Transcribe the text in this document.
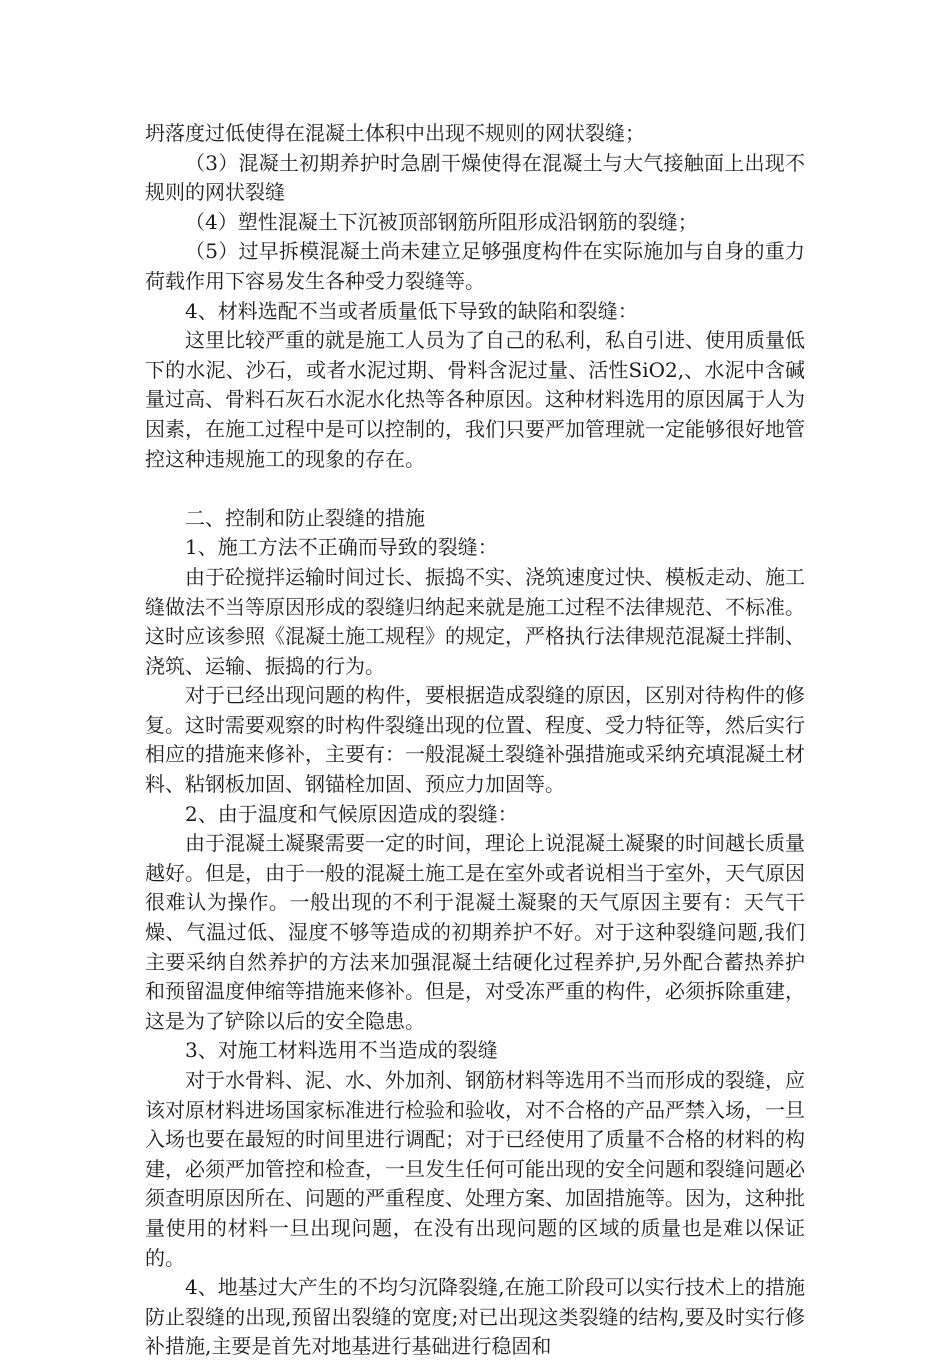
坍落度过低使得在混凝土体积中出现不规则的网状裂缝；

（3）混凝土初期养护时急剧干燥使得在混凝土与大气接触面上出现不规则的网状裂缝

（4）塑性混凝土下沉被顶部钢筋所阻形成沿钢筋的裂缝；

（5）过早拆模混凝土尚未建立足够强度构件在实际施加与自身的重力荷载作用下容易发生各种受力裂缝等。

4、材料选配不当或者质量低下导致的缺陷和裂缝：

这里比较严重的就是施工人员为了自己的私利，私自引进、使用质量低下的水泥、沙石，或者水泥过期、骨料含泥过量、活性SiO2,、水泥中含碱量过高、骨料石灰石水泥水化热等各种原因。这种材料选用的原因属于人为因素，在施工过程中是可以控制的，我们只要严加管理就一定能够很好地管控这种违规施工的现象的存在。

二、控制和防止裂缝的措施

1、施工方法不正确而导致的裂缝：

由于砼搅拌运输时间过长、振捣不实、浇筑速度过快、模板走动、施工缝做法不当等原因形成的裂缝归纳起来就是施工过程不法律规范、不标准。这时应该参照《混凝土施工规程》的规定，严格执行法律规范混凝土拌制、浇筑、运输、振捣的行为。

对于已经出现问题的构件，要根据造成裂缝的原因，区别对待构件的修复。这时需要观察的时构件裂缝出现的位置、程度、受力特征等，然后实行相应的措施来修补，主要有：一般混凝土裂缝补强措施或采纳充填混凝土材料、粘钢板加固、钢锚栓加固、预应力加固等。

2、由于温度和气候原因造成的裂缝：

由于混凝土凝聚需要一定的时间，理论上说混凝土凝聚的时间越长质量越好。但是，由于一般的混凝土施工是在室外或者说相当于室外，天气原因很难认为操作。一般出现的不利于混凝土凝聚的天气原因主要有：天气干燥、气温过低、湿度不够等造成的初期养护不好。对于这种裂缝问题,我们主要采纳自然养护的方法来加强混凝土结硬化过程养护,另外配合蓄热养护和预留温度伸缩等措施来修补。但是，对受冻严重的构件，必须拆除重建，这是为了铲除以后的安全隐患。

3、对施工材料选用不当造成的裂缝

对于水骨料、泥、水、外加剂、钢筋材料等选用不当而形成的裂缝，应该对原材料进场国家标准进行检验和验收，对不合格的产品严禁入场，一旦入场也要在最短的时间里进行调配；对于已经使用了质量不合格的材料的构建，必须严加管控和检查，一旦发生任何可能出现的安全问题和裂缝问题必须查明原因所在、问题的严重程度、处理方案、加固措施等。因为，这种批量使用的材料一旦出现问题，在没有出现问题的区域的质量也是难以保证的。

4、地基过大产生的不均匀沉降裂缝,在施工阶段可以实行技术上的措施防止裂缝的出现,预留出裂缝的宽度;对已出现这类裂缝的结构,要及时实行修补措施,主要是首先对地基进行基础进行稳固和
